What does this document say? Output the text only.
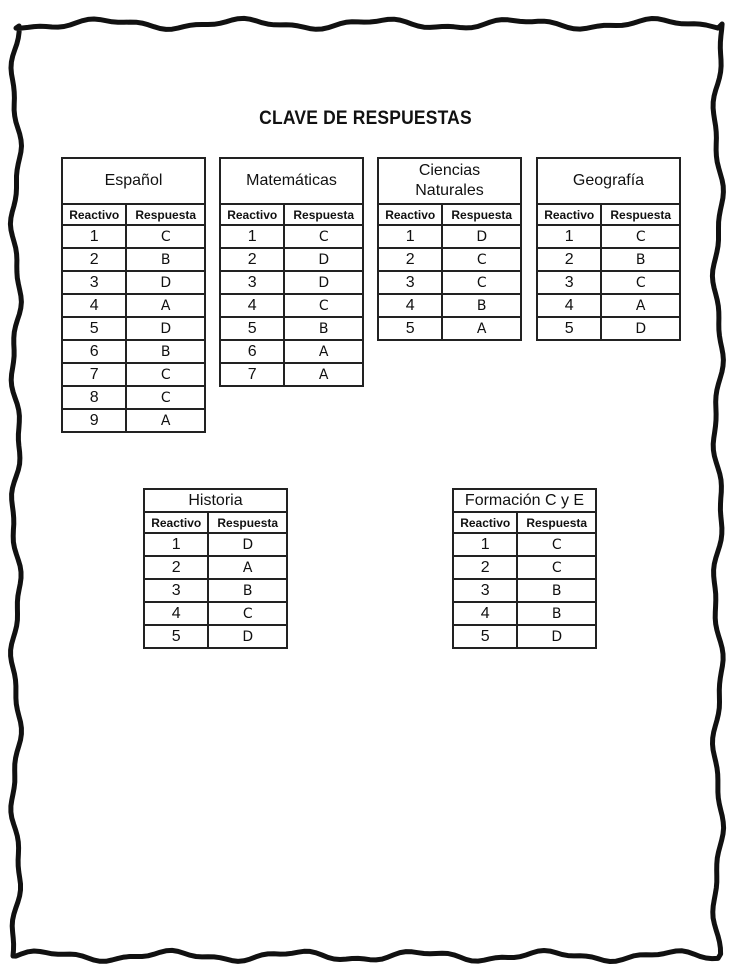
CLAVE DE RESPUESTAS
Español	
Reactivo	Respuesta
1	C
2	B
3	D
4	A
5	D
6	B
7	C
8	C
9	A
Matemáticas	
Reactivo	Respuesta
1	C
2	D
3	D
4	C
5	B
6	A
7	A
Ciencias Naturales	
Reactivo	Respuesta
1	D
2	C
3	C
4	B
5	A
Geografía	
Reactivo	Respuesta
1	C
2	B
3	C
4	A
5	D
Historia	
Reactivo	Respuesta
1	D
2	A
3	B
4	C
5	D
Formación C y E	
Reactivo	Respuesta
1	C
2	C
3	B
4	B
5	D
